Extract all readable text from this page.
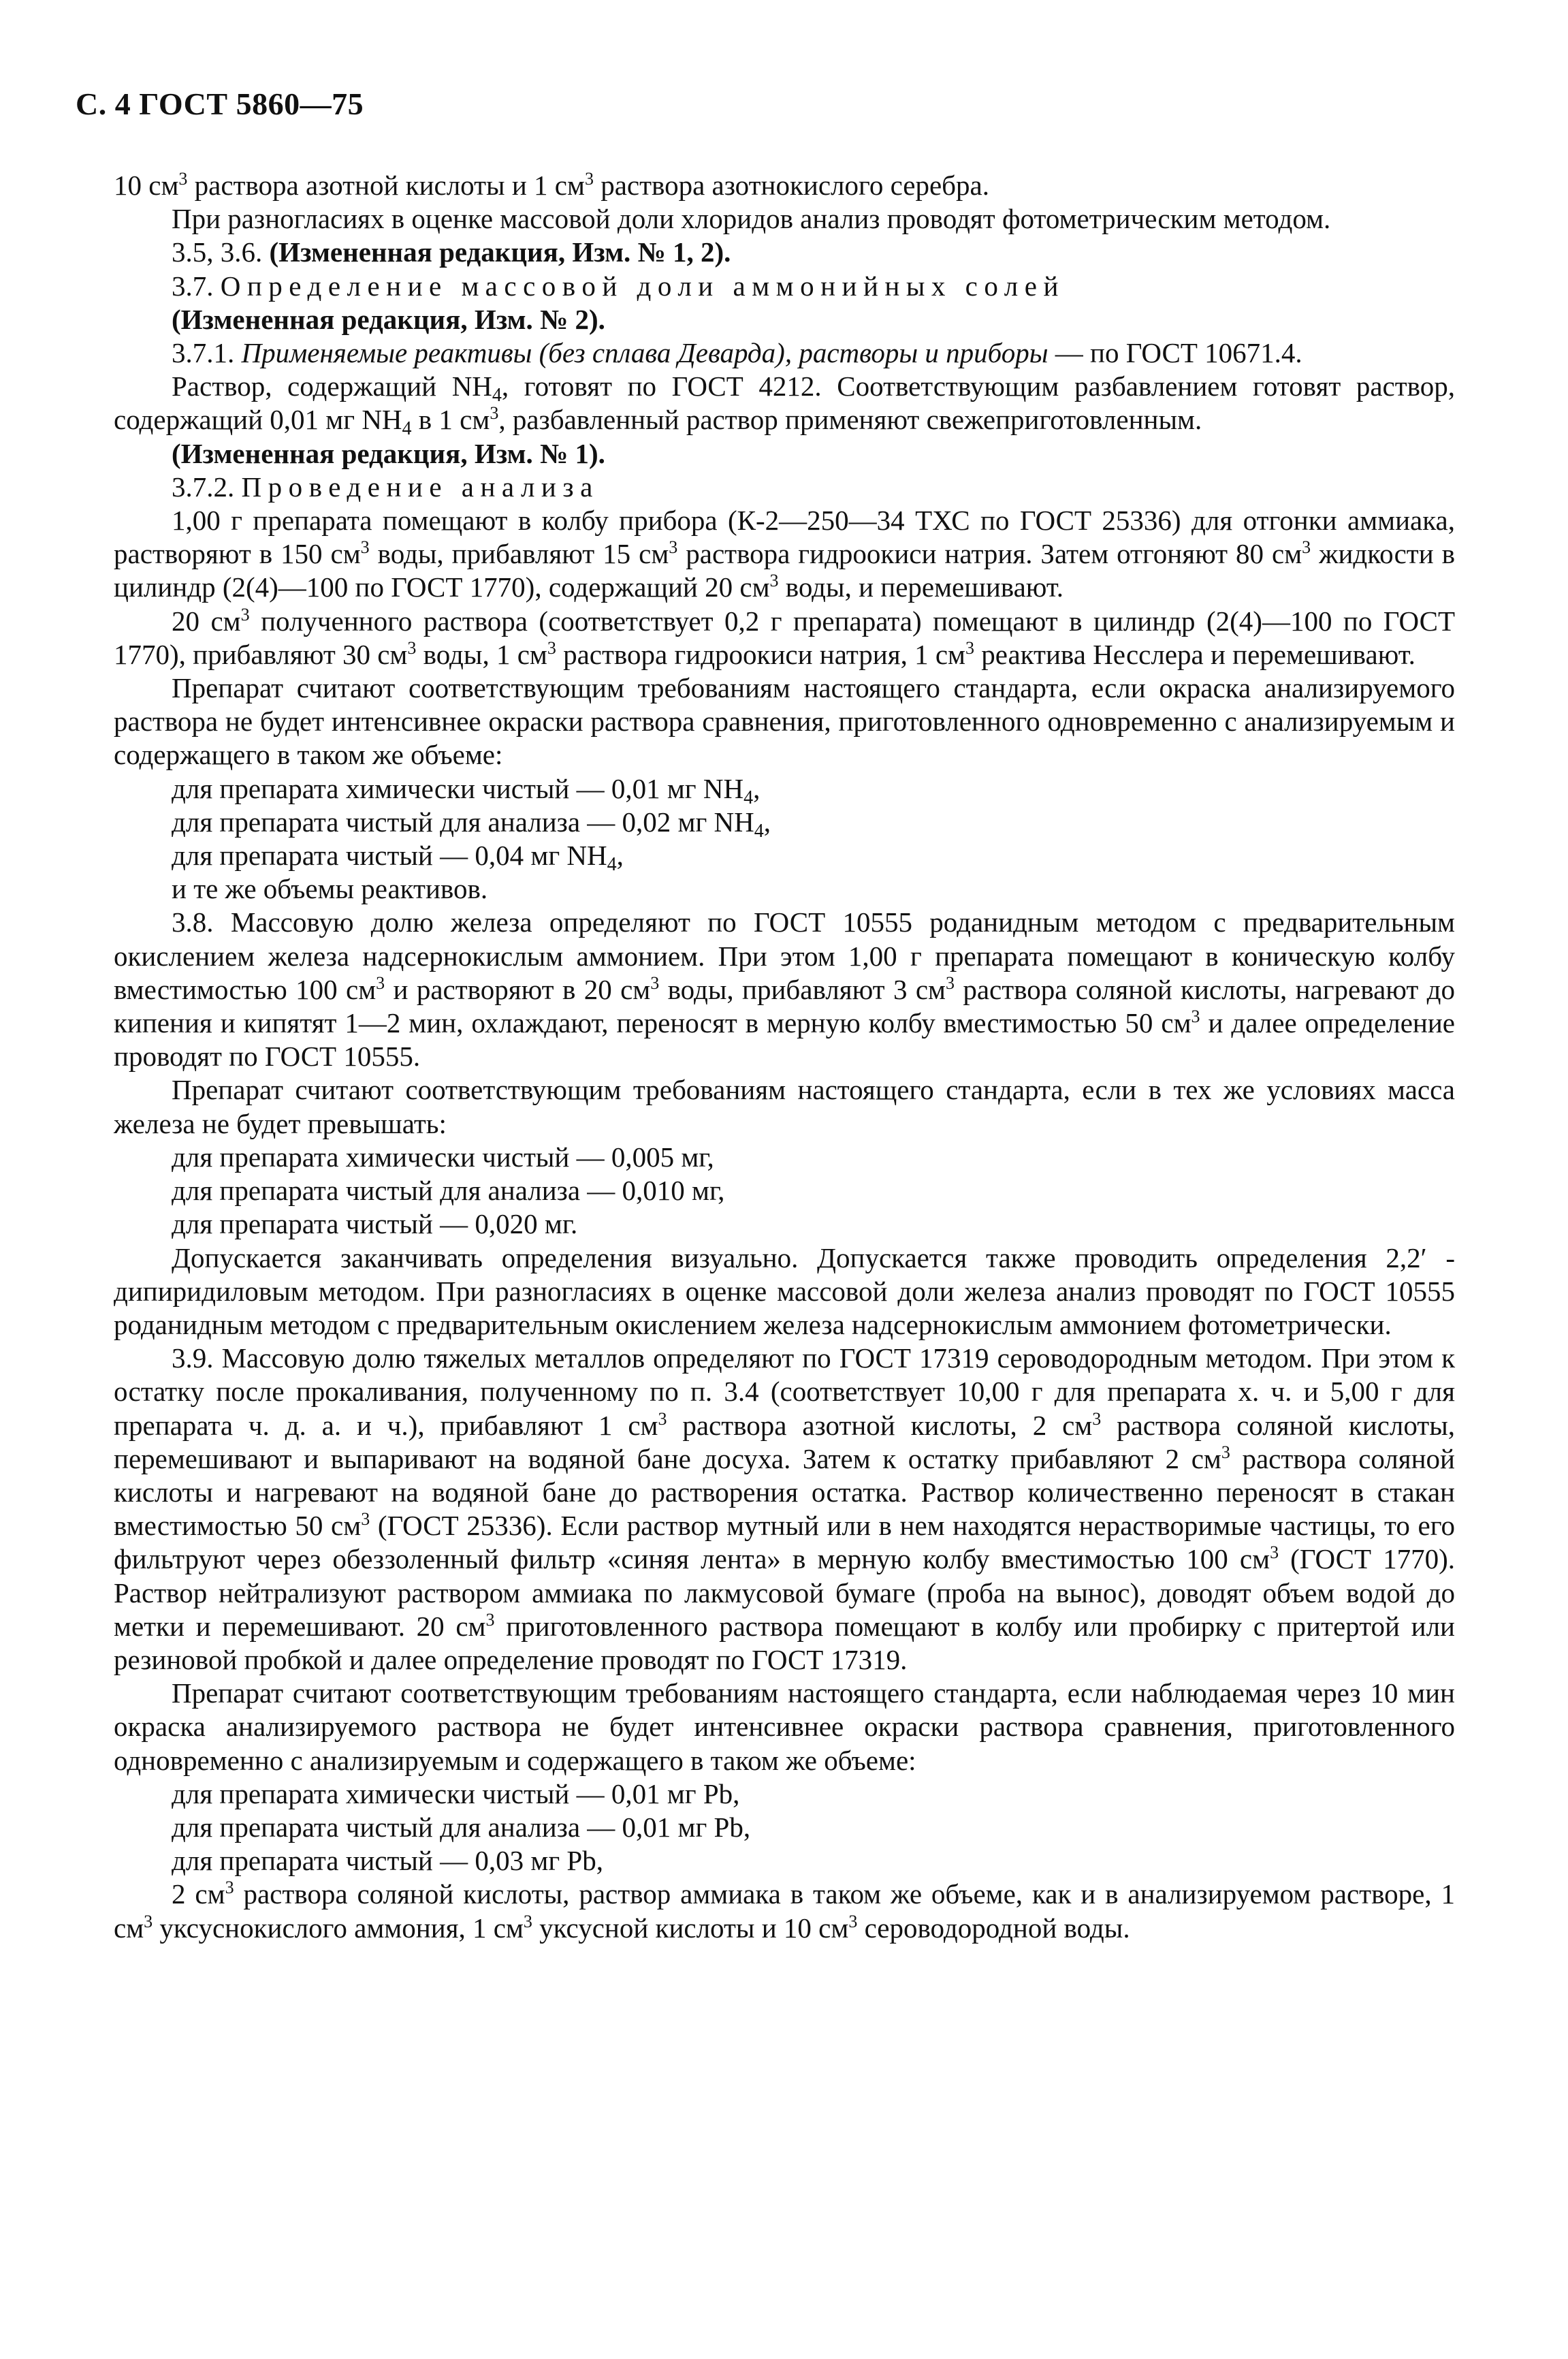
С. 4 ГОСТ 5860—75

10 $см^3$ раствора азотной кислоты и 1 $см^3$ раствора азотнокислого серебра.

При разногласиях в оценке массовой доли хлоридов анализ проводят фотометрическим методом.

3.5, 3.6. (Измененная редакция, Изм. № 1, 2).

3.7. Определение массовой доли аммонийных солей

(Измененная редакция, Изм. № 2).

3.7.1. Применяемые реактивы (без сплава Деварда), растворы и приборы — по ГОСТ 10671.4.

Раствор, содержащий $NH_4$, готовят по ГОСТ 4212. Соответствующим разбавлением готовят раствор, содержащий 0,01 мг $NH_4$ в 1 $см^3$, разбавленный раствор применяют свежеприготовленным.

(Измененная редакция, Изм. № 1).

3.7.2. Проведение анализа

1,00 г препарата помещают в колбу прибора (К-2—250—34 ТХС по ГОСТ 25336) для отгонки аммиака, растворяют в 150 $см^3$ воды, прибавляют 15 $см^3$ раствора гидроокиси натрия. Затем отгоняют 80 $см^3$ жидкости в цилиндр (2(4)—100 по ГОСТ 1770), содержащий 20 $см^3$ воды, и перемешивают.

20 $см^3$ полученного раствора (соответствует 0,2 г препарата) помещают в цилиндр (2(4)—100 по ГОСТ 1770), прибавляют 30 $см^3$ воды, 1 $см^3$ раствора гидроокиси натрия, 1 $см^3$ реактива Несслера и перемешивают.

Препарат считают соответствующим требованиям настоящего стандарта, если окраска анализируемого раствора не будет интенсивнее окраски раствора сравнения, приготовленного одновременно с анализируемым и содержащего в таком же объеме:

для препарата химически чистый — 0,01 мг $NH_4$,

для препарата чистый для анализа — 0,02 мг $NH_4$,

для препарата чистый — 0,04 мг $NH_4$,

и те же объемы реактивов.

3.8. Массовую долю железа определяют по ГОСТ 10555 роданидным методом с предварительным окислением железа надсернокислым аммонием. При этом 1,00 г препарата помещают в коническую колбу вместимостью 100 $см^3$ и растворяют в 20 $см^3$ воды, прибавляют 3 $см^3$ раствора соляной кислоты, нагревают до кипения и кипятят 1—2 мин, охлаждают, переносят в мерную колбу вместимостью 50 $см^3$ и далее определение проводят по ГОСТ 10555.

Препарат считают соответствующим требованиям настоящего стандарта, если в тех же условиях масса железа не будет превышать:

для препарата химически чистый — 0,005 мг,

для препарата чистый для анализа — 0,010 мг,

для препарата чистый — 0,020 мг.

Допускается заканчивать определения визуально. Допускается также проводить определения 2,2′ - дипиридиловым методом. При разногласиях в оценке массовой доли железа анализ проводят по ГОСТ 10555 роданидным методом с предварительным окислением железа надсернокислым аммонием фотометрически.

3.9. Массовую долю тяжелых металлов определяют по ГОСТ 17319 сероводородным методом. При этом к остатку после прокаливания, полученному по п. 3.4 (соответствует 10,00 г для препарата х. ч. и 5,00 г для препарата ч. д. а. и ч.), прибавляют 1 $см^3$ раствора азотной кислоты, 2 $см^3$ раствора соляной кислоты, перемешивают и выпаривают на водяной бане досуха. Затем к остатку прибавляют 2 $см^3$ раствора соляной кислоты и нагревают на водяной бане до растворения остатка. Раствор количественно переносят в стакан вместимостью 50 $см^3$ (ГОСТ 25336). Если раствор мутный или в нем находятся нерастворимые частицы, то его фильтруют через обеззоленный фильтр «синяя лента» в мерную колбу вместимостью 100 $см^3$ (ГОСТ 1770). Раствор нейтрализуют раствором аммиака по лакмусовой бумаге (проба на вынос), доводят объем водой до метки и перемешивают. 20 $см^3$ приготовленного раствора помещают в колбу или пробирку с притертой или резиновой пробкой и далее определение проводят по ГОСТ 17319.

Препарат считают соответствующим требованиям настоящего стандарта, если наблюдаемая через 10 мин окраска анализируемого раствора не будет интенсивнее окраски раствора сравнения, приготовленного одновременно с анализируемым и содержащего в таком же объеме:

для препарата химически чистый — 0,01 мг Pb,

для препарата чистый для анализа — 0,01 мг Pb,

для препарата чистый — 0,03 мг Pb,

2 $см^3$ раствора соляной кислоты, раствор аммиака в таком же объеме, как и в анализируемом растворе, 1 $см^3$ уксуснокислого аммония, 1 $см^3$ уксусной кислоты и 10 $см^3$ сероводородной воды.
